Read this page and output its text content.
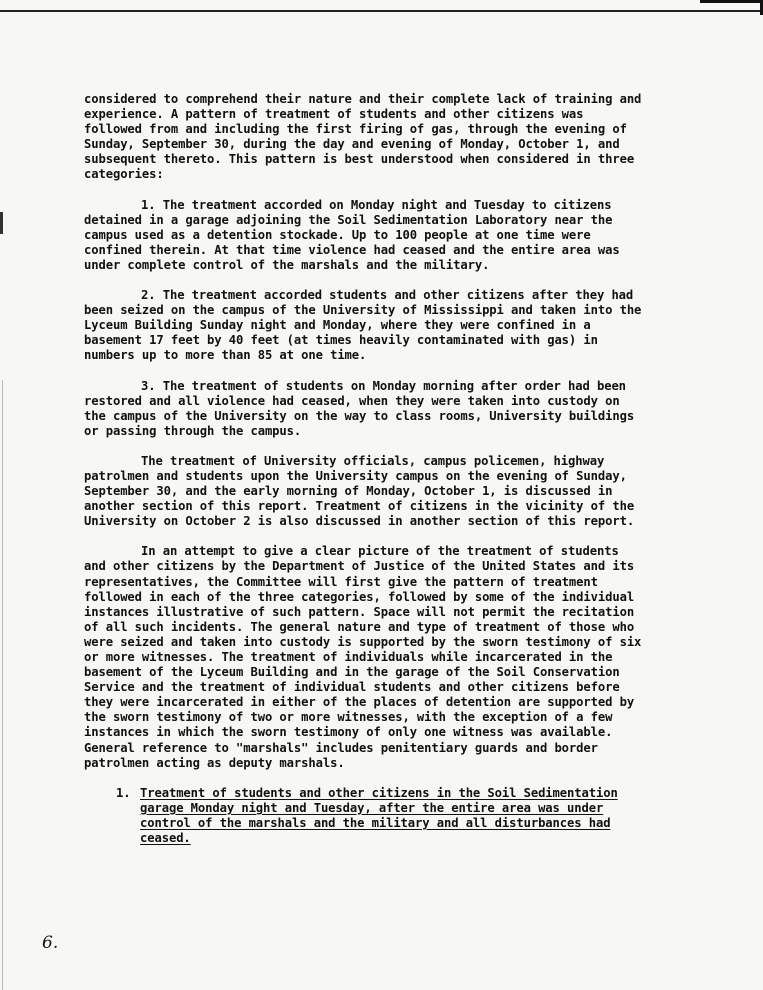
considered to comprehend their nature and their complete lack of training and experience. A pattern of treatment of students and other citizens was followed from and including the first firing of gas, through the evening of Sunday, September 30, during the day and evening of Monday, October 1, and subsequent thereto. This pattern is best understood when considered in three categories:

1. The treatment accorded on Monday night and Tuesday to citizens detained in a garage adjoining the Soil Sedimentation Laboratory near the campus used as a detention stockade. Up to 100 people at one time were confined therein. At that time violence had ceased and the entire area was under complete control of the marshals and the military.

2. The treatment accorded students and other citizens after they had been seized on the campus of the University of Mississippi and taken into the Lyceum Building Sunday night and Monday, where they were confined in a basement 17 feet by 40 feet (at times heavily contaminated with gas) in numbers up to more than 85 at one time.

3. The treatment of students on Monday morning after order had been restored and all violence had ceased, when they were taken into custody on the campus of the University on the way to class rooms, University buildings or passing through the campus.

The treatment of University officials, campus policemen, highway patrolmen and students upon the University campus on the evening of Sunday, September 30, and the early morning of Monday, October 1, is discussed in another section of this report. Treatment of citizens in the vicinity of the University on October 2 is also discussed in another section of this report.

In an attempt to give a clear picture of the treatment of students and other citizens by the Department of Justice of the United States and its representatives, the Committee will first give the pattern of treatment followed in each of the three categories, followed by some of the individual instances illustrative of such pattern. Space will not permit the recitation of all such incidents. The general nature and type of treatment of those who were seized and taken into custody is supported by the sworn testimony of six or more witnesses. The treatment of individuals while incarcerated in the basement of the Lyceum Building and in the garage of the Soil Conservation Service and the treatment of individual students and other citizens before they were incarcerated in either of the places of detention are supported by the sworn testimony of two or more witnesses, with the exception of a few instances in which the sworn testimony of only one witness was available. General reference to "marshals" includes penitentiary guards and border patrolmen acting as deputy marshals.

1. Treatment of students and other citizens in the Soil Sedimentation garage Monday night and Tuesday, after the entire area was under control of the marshals and the military and all disturbances had ceased.
6.
